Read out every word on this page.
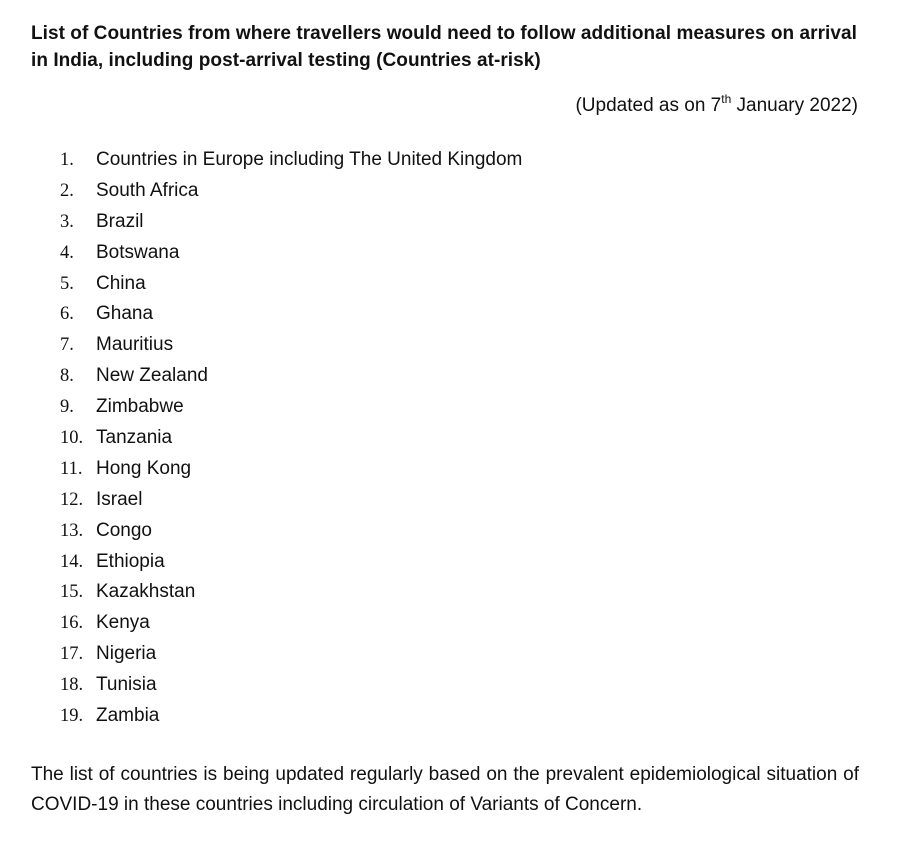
List of Countries from where travellers would need to follow additional measures on arrival in India, including post-arrival testing (Countries at-risk)
(Updated as on 7th January 2022)
1. Countries in Europe including The United Kingdom
2. South Africa
3. Brazil
4. Botswana
5. China
6. Ghana
7. Mauritius
8. New Zealand
9. Zimbabwe
10. Tanzania
11. Hong Kong
12. Israel
13. Congo
14. Ethiopia
15. Kazakhstan
16. Kenya
17. Nigeria
18. Tunisia
19. Zambia
The list of countries is being updated regularly based on the prevalent epidemiological situation of COVID-19 in these countries including circulation of Variants of Concern.
